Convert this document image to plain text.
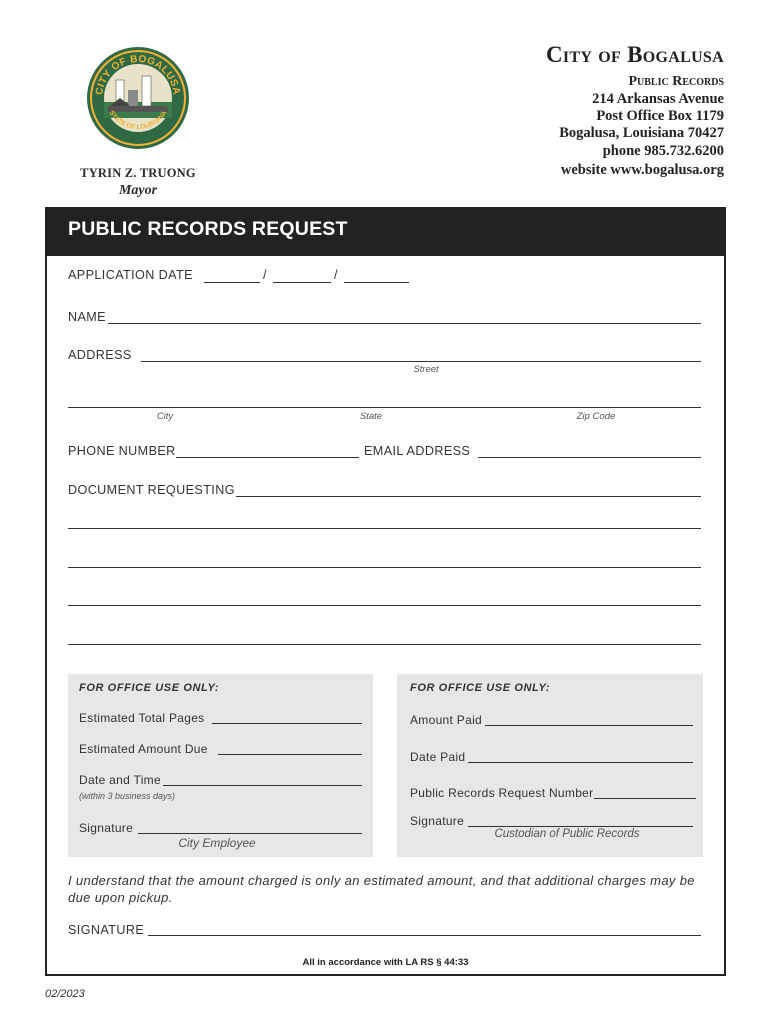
CITY OF BOGALUSA
STATE OF LOUISIANA
TYRIN Z. TRUONG
Mayor
City of Bogalusa
Public Records
214 Arkansas Avenue
Post Office Box 1179
Bogalusa, Louisiana 70427
phone 985.732.6200
website www.bogalusa.org
PUBLIC RECORDS REQUEST
APPLICATION DATE	/	/
NAME
ADDRESS
Street
City	State	Zip Code
PHONE NUMBER	EMAIL ADDRESS
DOCUMENT REQUESTING
FOR OFFICE USE ONLY:
Estimated Total Pages
Estimated Amount Due
Date and Time
(within 3 business days)
Signature
City Employee
FOR OFFICE USE ONLY:
Amount Paid
Date Paid
Public Records Request Number
Signature
Custodian of Public Records
I understand that the amount charged is only an estimated amount, and that additional charges may be due upon pickup.
SIGNATURE
All in accordance with LA RS § 44:33
02/2023
